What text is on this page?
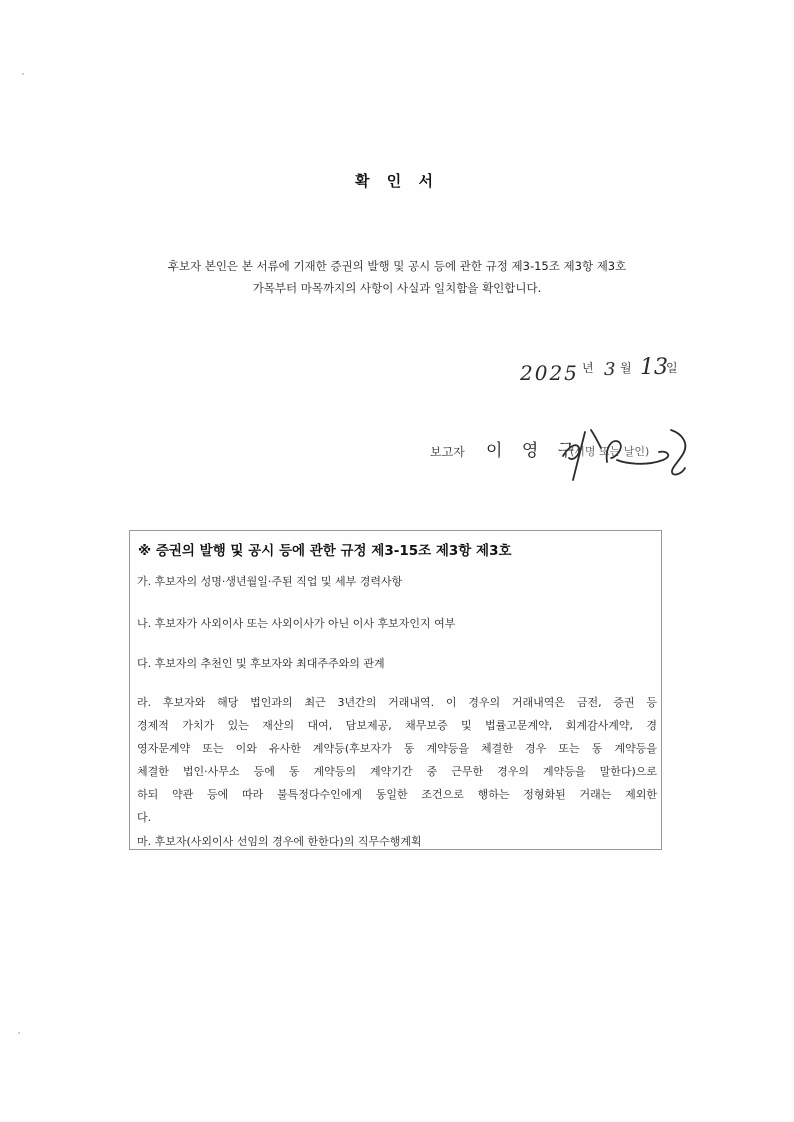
확 인 서
후보자 본인은 본 서류에 기재한 증권의 발행 및 공시 등에 관한 규정 제3-15조 제3항 제3호
가목부터 마목까지의 사항이 사실과 일치함을 확인합니다.
2025 년 3 월 13
일
보고자 이 영 구
(서명 또는 날인)
※ 증권의 발행 및 공시 등에 관한 규정 제3-15조 제3항 제3호
가. 후보자의 성명·생년월일·주된 직업 및 세부 경력사항
나. 후보자가 사외이사 또는 사외이사가 아닌 이사 후보자인지 여부
다. 후보자의 추천인 및 후보자와 최대주주와의 관계
라. 후보자와 해당 법인과의 최근 3년간의 거래내역. 이 경우의 거래내역은 금전, 증권 등
경제적 가치가 있는 재산의 대여, 담보제공, 채무보증 및 법률고문계약, 회계감사계약, 경
영자문계약 또는 이와 유사한 계약등(후보자가 동 계약등을 체결한 경우 또는 동 계약등을
체결한 법인·사무소 등에 동 계약등의 계약기간 중 근무한 경우의 계약등을 말한다)으로
하되 약관 등에 따라 불특정다수인에게 동일한 조건으로 행하는 정형화된 거래는 제외한
다.
마. 후보자(사외이사 선임의 경우에 한한다)의 직무수행계획
